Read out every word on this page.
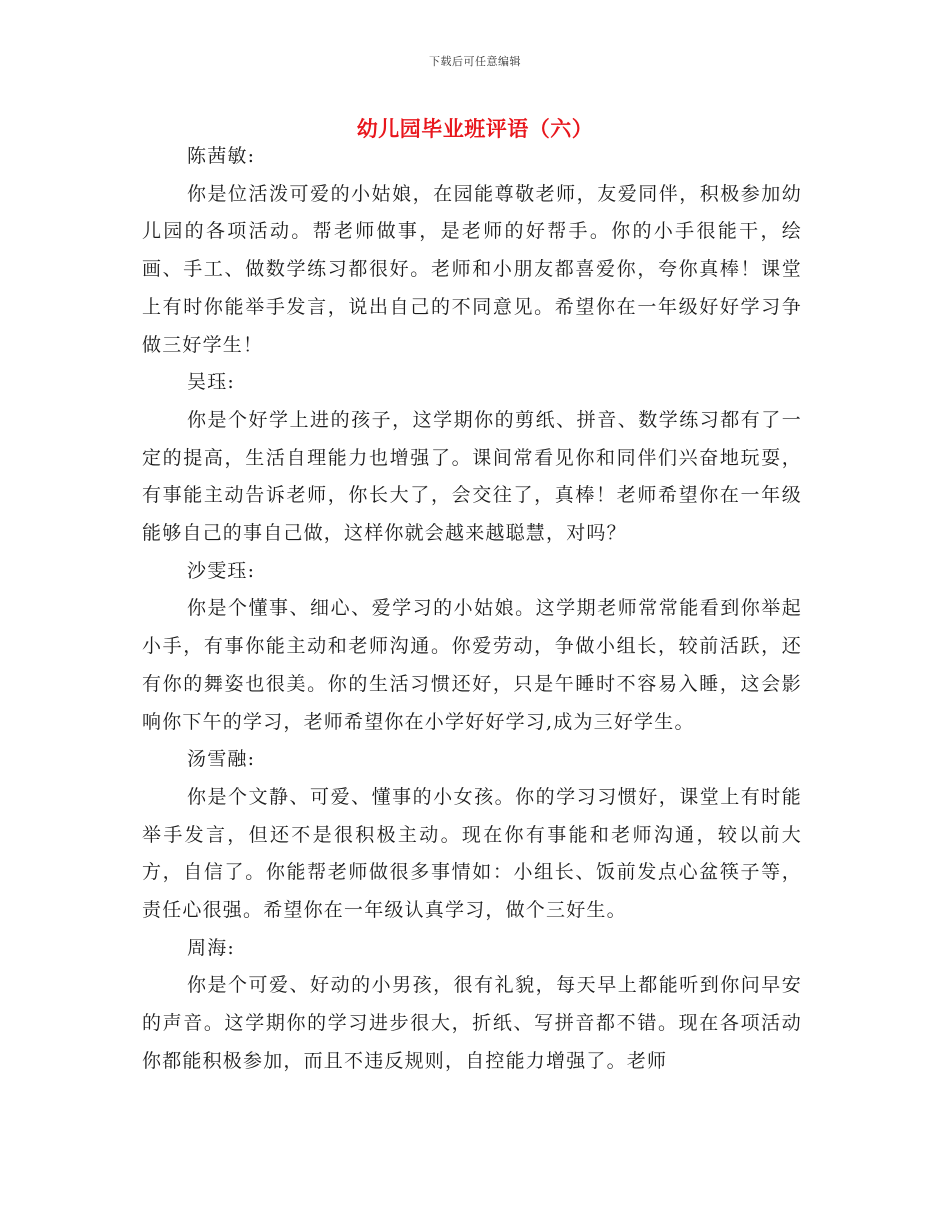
下载后可任意编辑
幼儿园毕业班评语（六）

陈茜敏:

你是位活泼可爱的小姑娘，在园能尊敬老师，友爱同伴，积极参加幼儿园的各项活动。帮老师做事，是老师的好帮手。你的小手很能干，绘画、手工、做数学练习都很好。老师和小朋友都喜爱你，夸你真棒！课堂上有时你能举手发言，说出自己的不同意见。希望你在一年级好好学习争做三好学生！

吴珏:

你是个好学上进的孩子，这学期你的剪纸、拼音、数学练习都有了一定的提高，生活自理能力也增强了。课间常看见你和同伴们兴奋地玩耍，有事能主动告诉老师，你长大了，会交往了，真棒！老师希望你在一年级能够自己的事自己做，这样你就会越来越聪慧，对吗？

沙雯珏:

你是个懂事、细心、爱学习的小姑娘。这学期老师常常能看到你举起小手，有事你能主动和老师沟通。你爱劳动，争做小组长，较前活跃，还有你的舞姿也很美。你的生活习惯还好，只是午睡时不容易入睡，这会影响你下午的学习，老师希望你在小学好好学习,成为三好学生。

汤雪融:

你是个文静、可爱、懂事的小女孩。你的学习习惯好，课堂上有时能举手发言，但还不是很积极主动。现在你有事能和老师沟通，较以前大方，自信了。你能帮老师做很多事情如：小组长、饭前发点心盆筷子等，责任心很强。希望你在一年级认真学习，做个三好生。

周海:

你是个可爱、好动的小男孩，很有礼貌，每天早上都能听到你问早安的声音。这学期你的学习进步很大，折纸、写拼音都不错。现在各项活动你都能积极参加，而且不违反规则，自控能力增强了。老师
